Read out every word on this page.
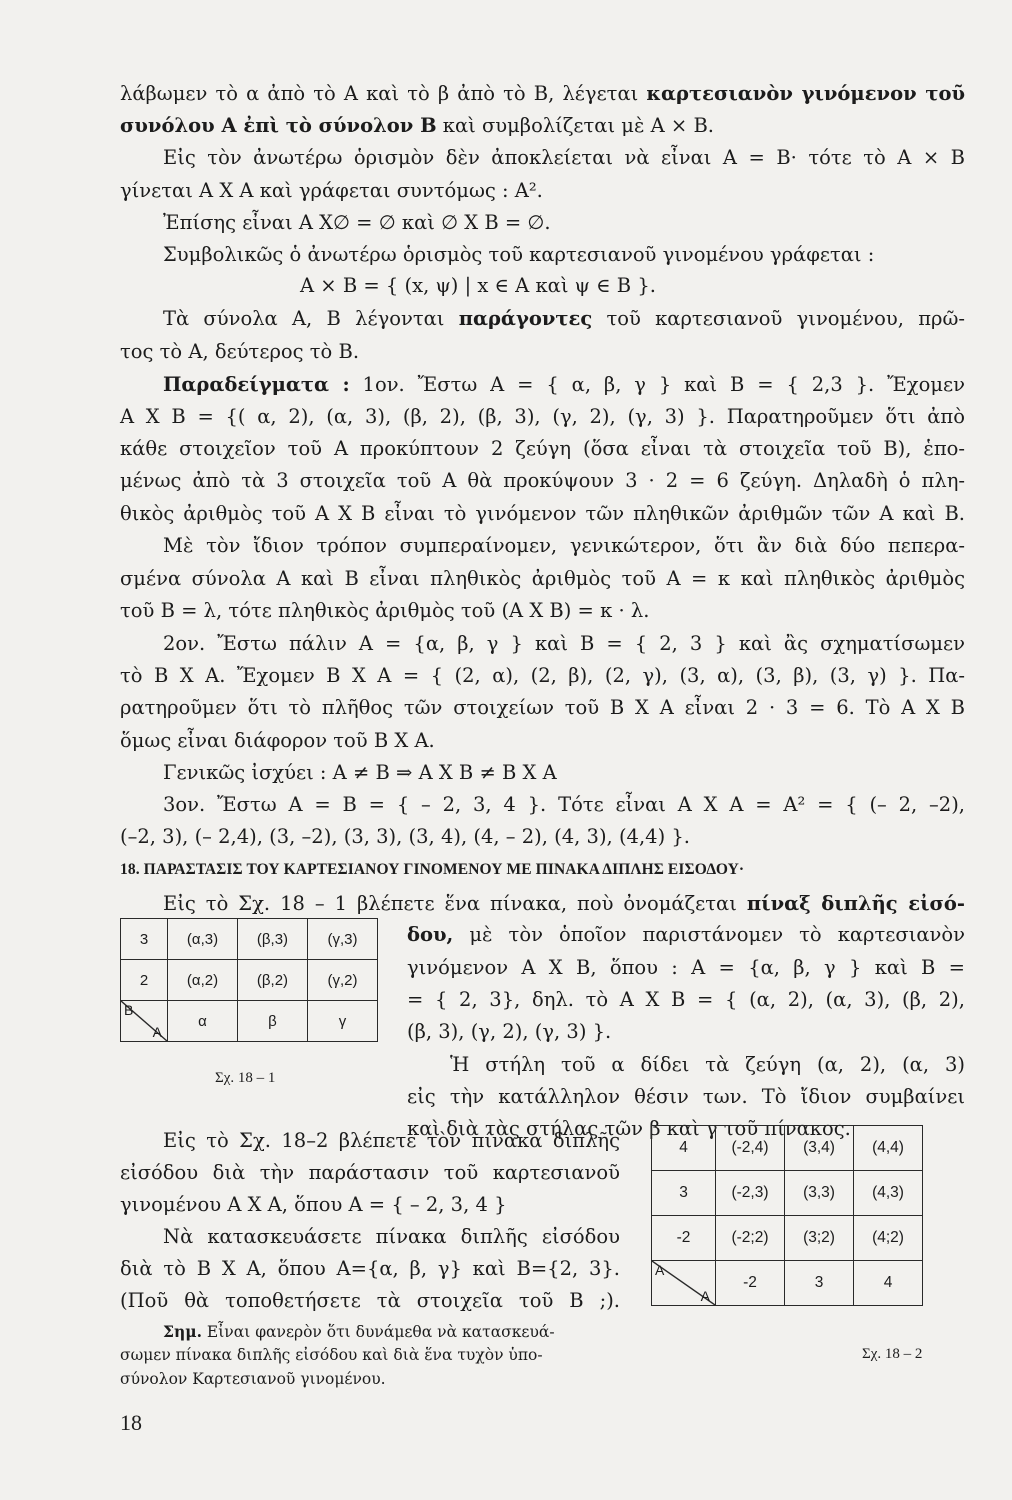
λάβωμεν τὸ α ἀπὸ τὸ Α καὶ τὸ β ἀπὸ τὸ Β, λέγεται καρτεσιανὸν γινόμενον τοῦ
συνόλου Α ἐπὶ τὸ σύνολον Β καὶ συμβολίζεται μὲ Α × Β.
Εἰς τὸν ἀνωτέρω ὁρισμὸν δὲν ἀποκλείεται νὰ εἶναι Α = Β· τότε τὸ Α × Β
γίνεται Α Χ Α καὶ γράφεται συντόμως : Α².
Ἐπίσης εἶναι Α Χ∅ = ∅ καὶ ∅ Χ Β = ∅.
Συμβολικῶς ὁ ἀνωτέρω ὁρισμὸς τοῦ καρτεσιανοῦ γινομένου γράφεται :
Α × Β = { (x, ψ) | x ∈ Α καὶ ψ ∈ Β }.
Τὰ σύνολα Α, Β λέγονται παράγοντες τοῦ καρτεσιανοῦ γινομένου, πρῶ-
τος τὸ Α, δεύτερος τὸ Β.
Παραδείγματα : 1ον. Ἔστω Α = { α, β, γ } καὶ Β = { 2,3 }. Ἔχομεν
Α Χ Β = {( α, 2), (α, 3), (β, 2), (β, 3), (γ, 2), (γ, 3) }. Παρατηροῦμεν ὅτι ἀπὸ
κάθε στοιχεῖον τοῦ Α προκύπτουν 2 ζεύγη (ὅσα εἶναι τὰ στοιχεῖα τοῦ Β), ἑπο-
μένως ἀπὸ τὰ 3 στοιχεῖα τοῦ Α θὰ προκύψουν 3 · 2 = 6 ζεύγη. Δηλαδὴ ὁ πλη-
θικὸς ἀριθμὸς τοῦ Α Χ Β εἶναι τὸ γινόμενον τῶν πληθικῶν ἀριθμῶν τῶν Α καὶ Β.
Μὲ τὸν ἴδιον τρόπον συμπεραίνομεν, γενικώτερον, ὅτι ἂν διὰ δύο πεπερα-
σμένα σύνολα Α καὶ Β εἶναι πληθικὸς ἀριθμὸς τοῦ Α = κ καὶ πληθικὸς ἀριθμὸς
τοῦ Β = λ, τότε πληθικὸς ἀριθμὸς τοῦ (Α Χ Β) = κ · λ.
2ον. Ἔστω πάλιν Α = {α, β, γ } καὶ Β = { 2, 3 } καὶ ἂς σχηματίσωμεν
τὸ Β Χ Α. Ἔχομεν Β Χ Α = { (2, α), (2, β), (2, γ), (3, α), (3, β), (3, γ) }. Πα-
ρατηροῦμεν ὅτι τὸ πλῆθος τῶν στοιχείων τοῦ Β Χ Α εἶναι 2 · 3 = 6. Τὸ Α Χ Β
ὅμως εἶναι διάφορον τοῦ Β Χ Α.
Γενικῶς ἰσχύει : Α ≠ Β ⇒ Α Χ Β ≠ Β Χ Α
3ον. Ἔστω Α = Β = { – 2, 3, 4 }. Τότε εἶναι Α Χ Α = Α² = { (– 2, –2),
(–2, 3), (– 2,4), (3, –2), (3, 3), (3, 4), (4, – 2), (4, 3), (4,4) }.
18. ΠΑΡΑΣΤΑΣΙΣ ΤΟΥ ΚΑΡΤΕΣΙΑΝΟΥ ΓΙΝΟΜΕΝΟΥ ΜΕ ΠΙΝΑΚΑ ΔΙΠΛΗΣ ΕΙΣΟΔΟΥ·
Εἰς τὸ Σχ. 18 – 1 βλέπετε ἕνα πίνακα, ποὺ ὀνομάζεται πίναξ διπλῆς εἰσό-
δου, μὲ τὸν ὁποῖον παριστάνομεν τὸ καρτεσιανὸν
γινόμενον Α Χ Β, ὅπου : Α = {α, β, γ } καὶ Β =
= { 2, 3}, δηλ. τὸ Α Χ Β = { (α, 2), (α, 3), (β, 2),
(β, 3), (γ, 2), (γ, 3) }.
Ἡ στήλη τοῦ α δίδει τὰ ζεύγη (α, 2), (α, 3)
εἰς τὴν κατάλληλον θέσιν των. Τὸ ἴδιον συμβαίνει
καὶ διὰ τὰς στήλας τῶν β καὶ γ τοῦ πίνακος.
3	(α,3)	(β,3)	(γ,3)
2	(α,2)	(β,2)	(γ,2)

Β
Α	α	β	γ
Σχ. 18 – 1
Εἰς τὸ Σχ. 18–2 βλέπετε τὸν πίνακα διπλῆς
εἰσόδου διὰ τὴν παράστασιν τοῦ καρτεσιανοῦ
γινομένου Α Χ Α, ὅπου Α = { – 2, 3, 4 }
Νὰ κατασκευάσετε πίνακα διπλῆς εἰσόδου
διὰ τὸ Β Χ Α, ὅπου Α={α, β, γ} καὶ Β={2, 3}.
(Ποῦ θὰ τοποθετήσετε τὰ στοιχεῖα τοῦ Β ;).
Σημ. Εἶναι φανερὸν ὅτι δυνάμεθα νὰ κατασκευά-
σωμεν πίνακα διπλῆς εἰσόδου καὶ διὰ ἕνα τυχὸν ὑπο-
σύνολον Καρτεσιανοῦ γινομένου.
4	(-2,4)	(3,4)	(4,4)
3	(-2,3)	(3,3)	(4,3)
-2	(-2;2)	(3;2)	(4;2)

Α
Α	-2	3	4
Σχ. 18 – 2
18
